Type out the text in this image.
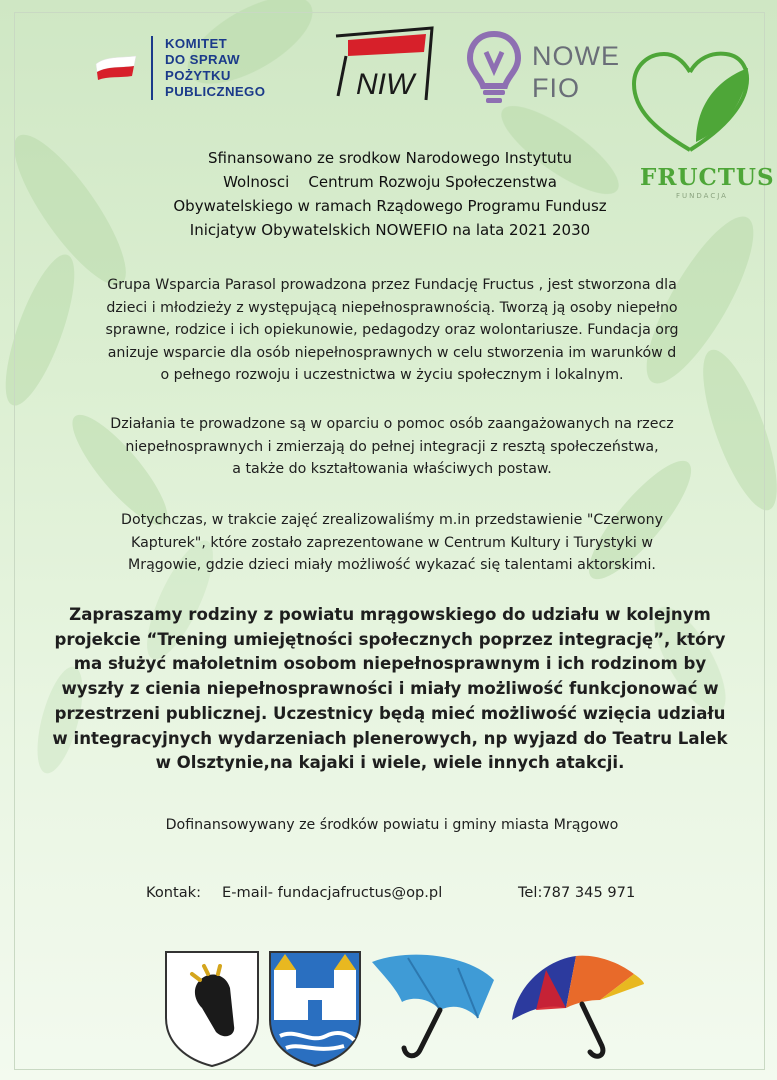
KOMITET
DO SPRAW
POŻYTKU
PUBLICZNEGO	NIW
NOWE
FIO
FRUCTUS
FUNDACJA
Sfinansowano ze srodkow Narodowego Instytutu
Wolnosci    Centrum Rozwoju Społeczenstwa
Obywatelskiego w ramach Rządowego Programu Fundusz
Inicjatyw Obywatelskich NOWEFIO na lata 2021 2030
Grupa Wsparcia Parasol prowadzona przez Fundację Fructus , jest stworzona dla
dzieci i młodzieży z występującą niepełnosprawnością. Tworzą ją osoby niepełno
sprawne, rodzice i ich opiekunowie, pedagodzy oraz wolontariusze. Fundacja org
anizuje wsparcie dla osób niepełnosprawnych w celu stworzenia im warunków d
o pełnego rozwoju i uczestnictwa w życiu społecznym i lokalnym.
Działania te prowadzone są w oparciu o pomoc osób zaangażowanych na rzecz
niepełnosprawnych i zmierzają do pełnej integracji z resztą społeczeństwa,
a także do kształtowania właściwych postaw.
Dotychczas, w trakcie zajęć zrealizowaliśmy m.in przedstawienie "Czerwony
Kapturek", które zostało zaprezentowane w Centrum Kultury i Turystyki w
Mrągowie, gdzie dzieci miały możliwość wykazać się talentami aktorskimi.
Zapraszamy rodziny z powiatu mrągowskiego do udziału w kolejnym
projekcie “Trening umiejętności społecznych poprzez integrację”, który
ma służyć małoletnim osobom niepełnosprawnym i ich rodzinom by
wyszły z cienia niepełnosprawności i miały możliwość funkcjonować w
przestrzeni publicznej. Uczestnicy będą mieć możliwość wzięcia udziału
w integracyjnych wydarzeniach plenerowych, np wyjazd do Teatru Lalek
w Olsztynie,na kajaki i wiele, wiele innych atakcji.
Dofinansowywany ze środków powiatu i gminy miasta Mrągowo
Kontak: E-mail- fundacjafructus@op.pl	Tel:787 345 971
